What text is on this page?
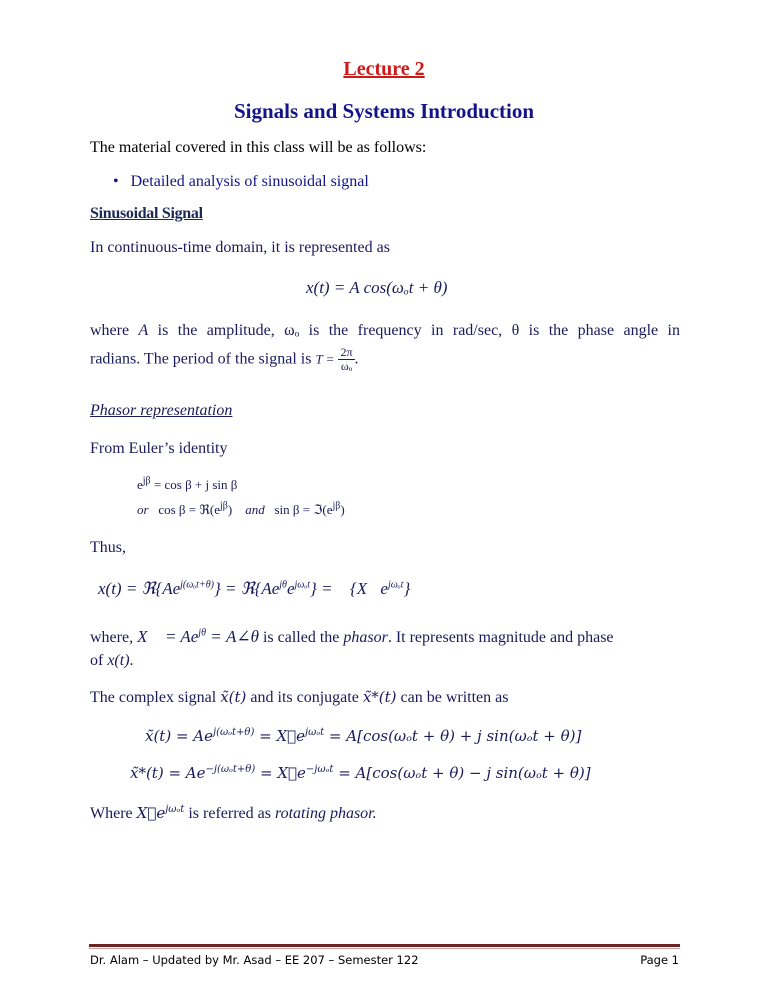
Lecture 2
Signals and Systems Introduction
The material covered in this class will be as follows:
• Detailed analysis of sinusoidal signal
Sinusoidal Signal
In continuous-time domain, it is represented as
x(t) = A cos(ωₒt + θ)
where A is the amplitude, ωₒ is the frequency in rad/sec, θ is the phase angle in
radians. The period of the signal is $T = \frac{2\pi}{\text{ωₒ}}$ .
Phasor representation
From Euler’s identity
$e^{j\beta} = \cos \beta + j$ sin β
or $\cos \beta = ℜ(e^{j\beta})$ and $\sin \beta = ℑ(e^{j\beta})$
Thus,
$x(t) = ℜ\{Ae^{j(\omega_ot+\theta)}\}$ = $ℜ\{Ae^{j\theta}e^{j\omega_ot}\}$ = $ℜ\{X⃗e^{j\omega_ot}\}$
where, X⃗ = $Ae^{j\theta}$ = A∠θ is called the phasor. It represents magnitude and phase
of x(t).
The complex signal x̃(t) and its conjugate x̃*(t) can be written as
x̃(t) = $Ae^{j(\omega_ot+\theta)}$ = $X⃗e^{j\omega_ot} = A[\cos(\omega_ot + \theta) + j$ sin(ωₒt + θ)]
x̃*(t) = $Ae^{-j(\omega_ot+\theta)}$ = $X⃗e^{-j\omega_ot} = A[\cos(\omega_ot + \theta) - j$ sin(ωₒt + θ)]
Where $X⃗e^{j\omega_ot}$ is referred as rotating phasor.
Dr. Alam – Updated by Mr. Asad – EE 207 – Semester 122	Page 1
